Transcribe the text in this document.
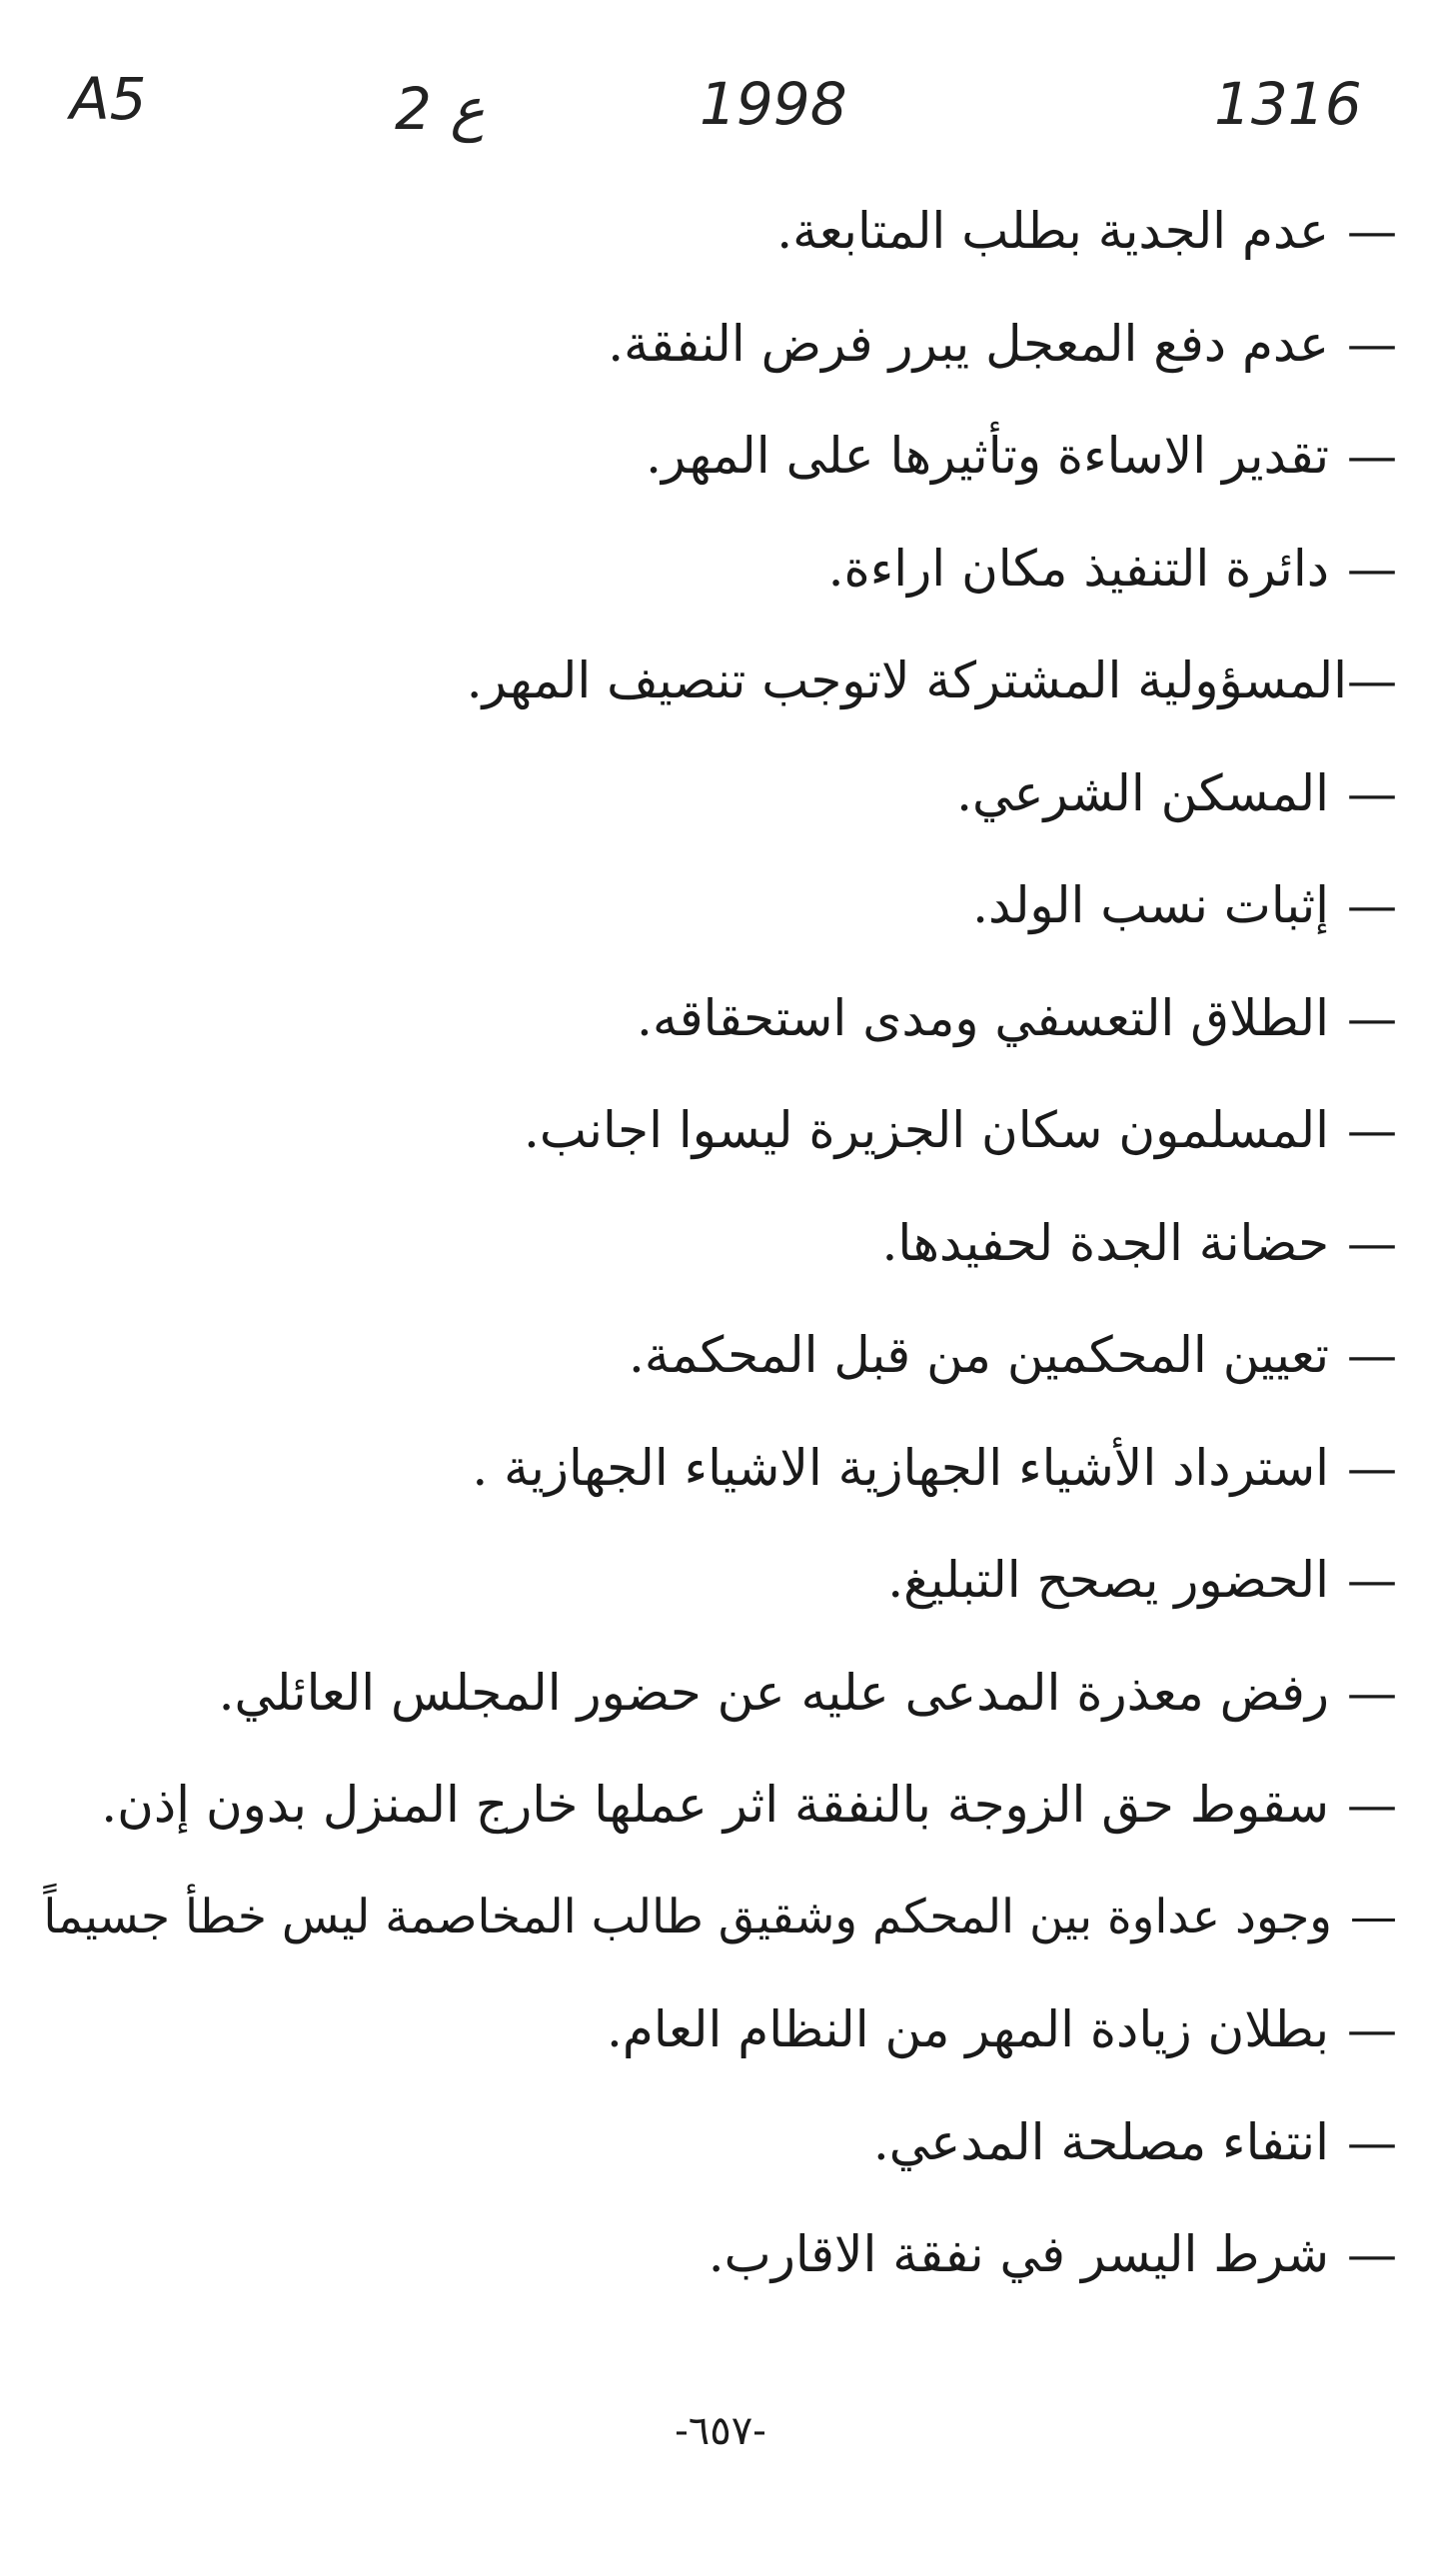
A5	ع 2	1998	1316
—
عدم الجدية بطلب المتابعة.
—
عدم دفع المعجل يبرر فرض النفقة.
—
تقدير الاساءة وتأثيرها على المهر.
—
دائرة التنفيذ مكان اراءة.
—
المسؤولية المشتركة لاتوجب تنصيف المهر.
—
المسكن الشرعي.
—
إثبات نسب الولد.
—
الطلاق التعسفي ومدى استحقاقه.
—
المسلمون سكان الجزيرة ليسوا اجانب.
—
حضانة الجدة لحفيدها.
—
تعيين المحكمين من قبل المحكمة.
—
استرداد الأشياء الجهازية الاشياء الجهازية .
—
الحضور يصحح التبليغ.
—
رفض معذرة المدعى عليه عن حضور المجلس العائلي.
—
سقوط حق الزوجة بالنفقة اثر عملها خارج المنزل بدون إذن.
—
وجود عداوة بين المحكم وشقيق طالب المخاصمة ليس خطأ جسيماً
—
بطلان زيادة المهر من النظام العام.
—
انتفاء مصلحة المدعي.
—
شرط اليسر في نفقة الاقارب.
-٦٥٧-
